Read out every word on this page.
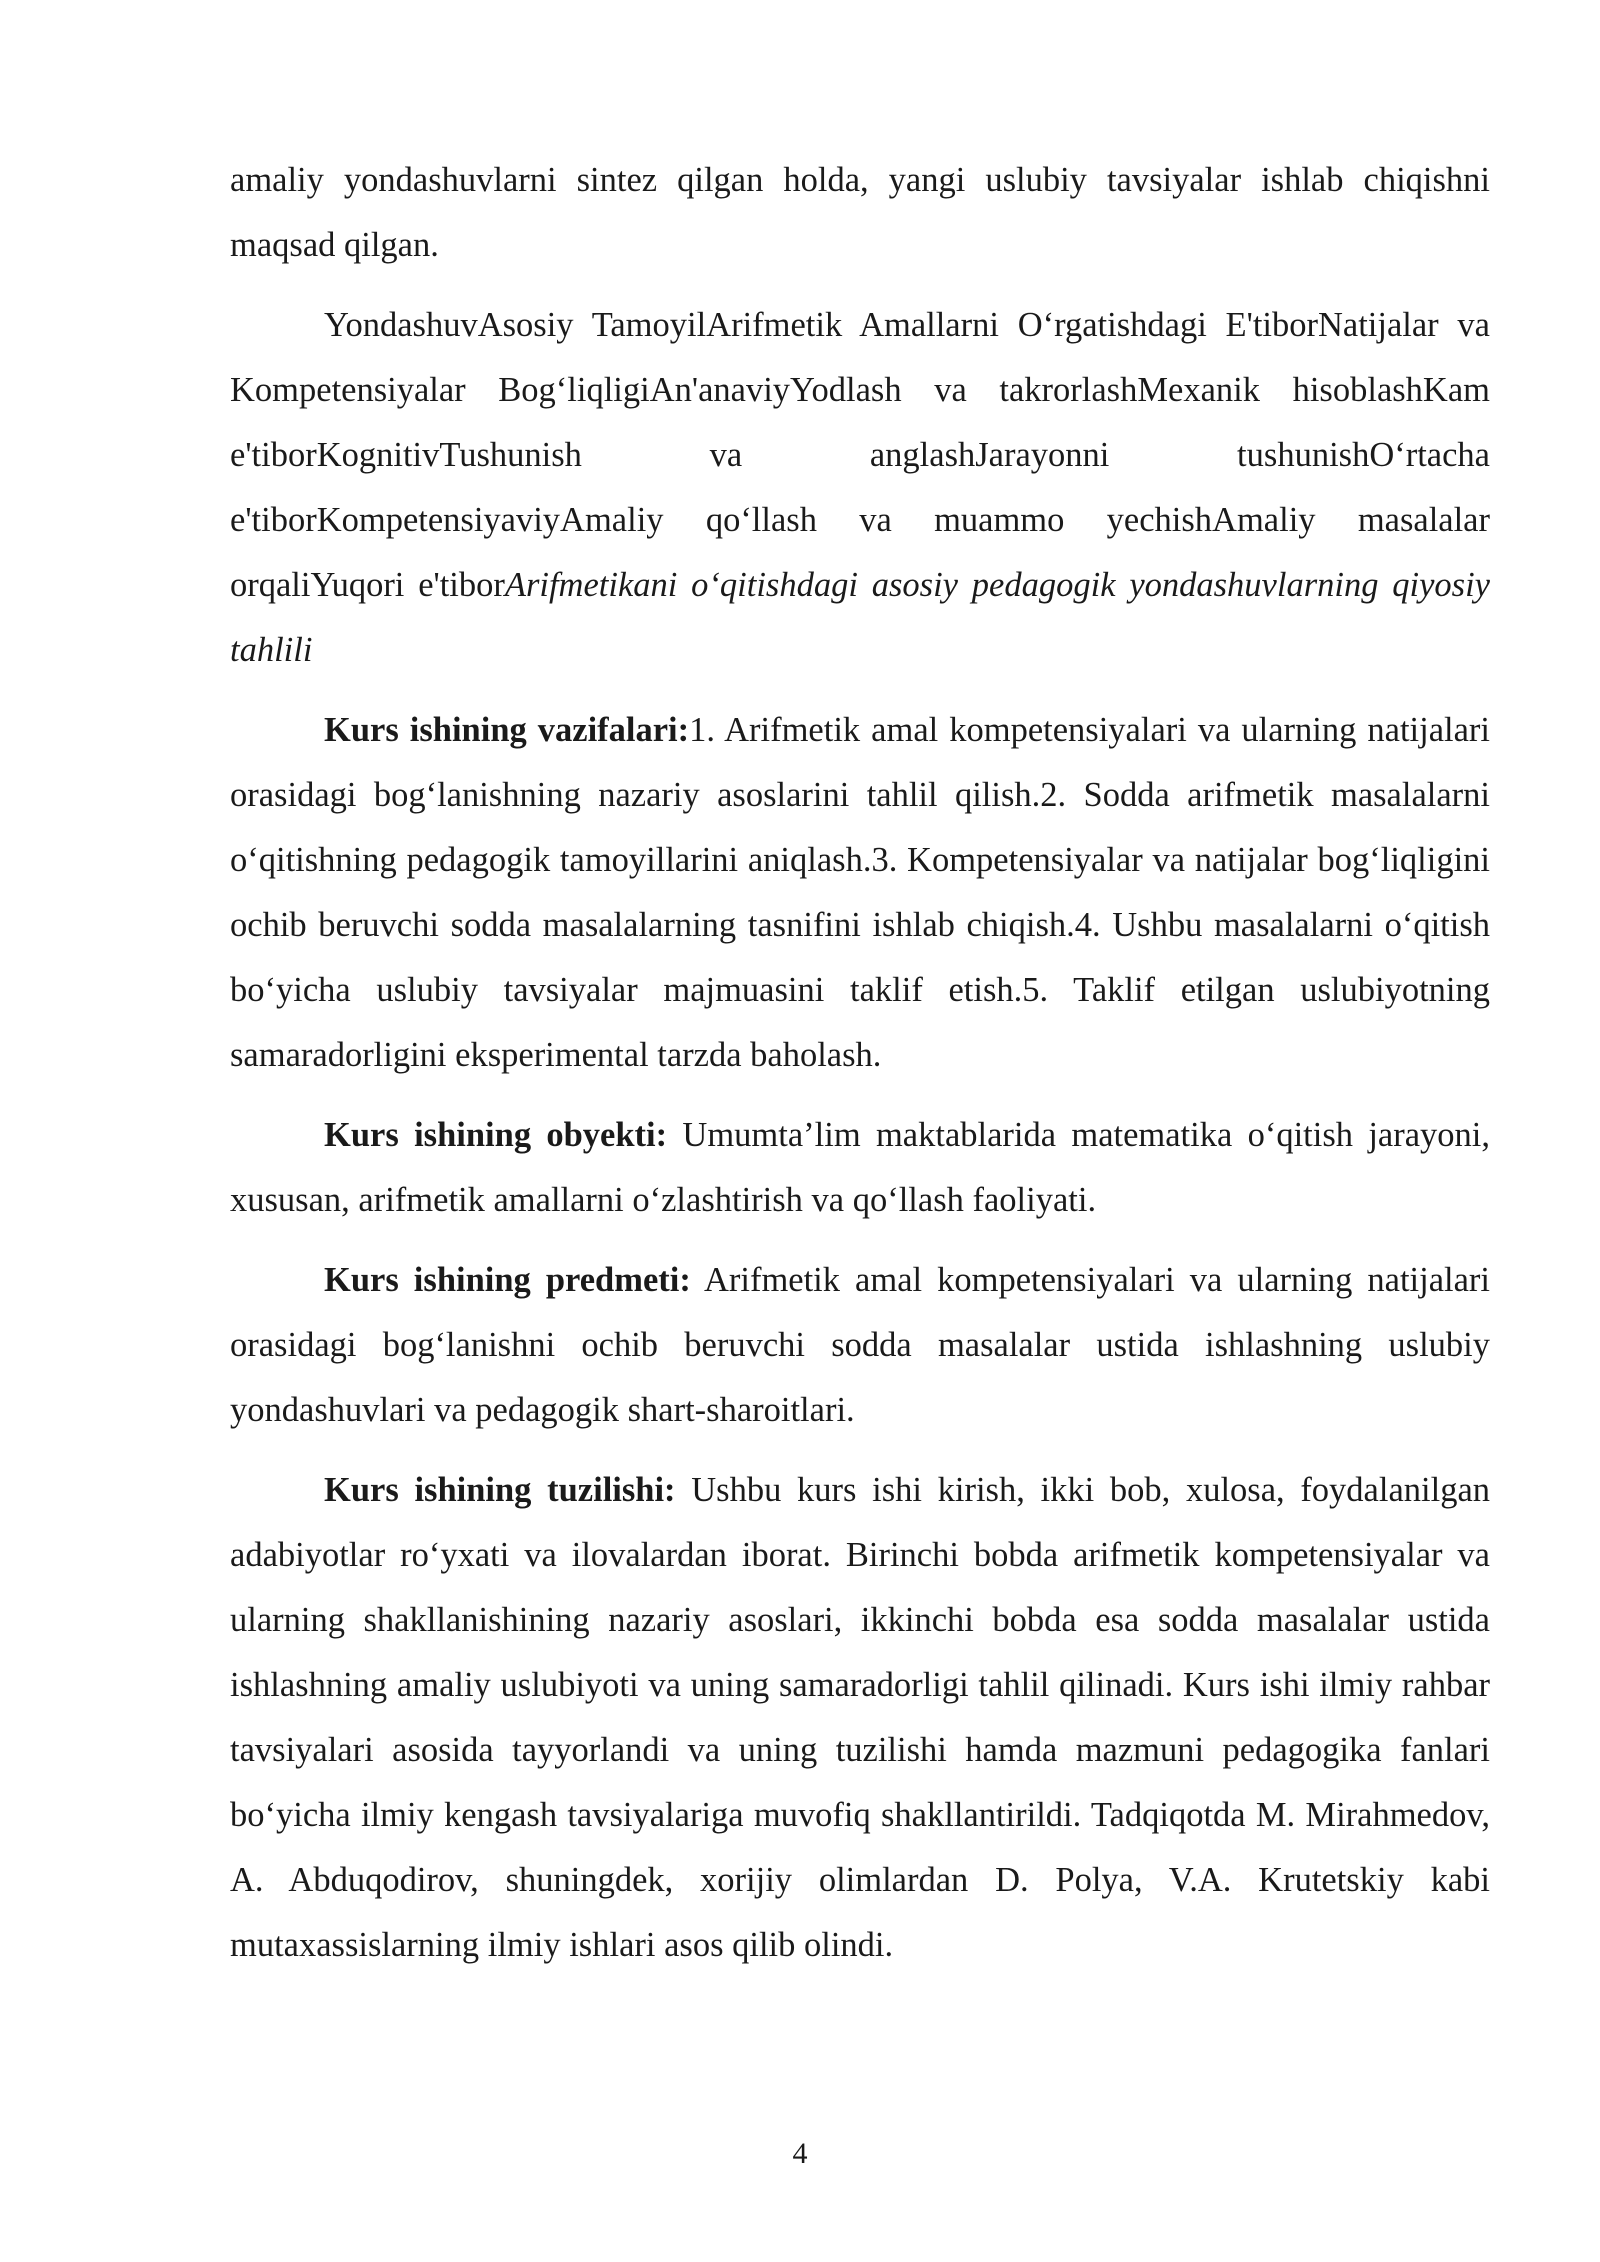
amaliy yondashuvlarni sintez qilgan holda, yangi uslubiy tavsiyalar ishlab chiqishni maqsad qilgan.

YondashuvAsosiy TamoyilArifmetik Amallarni O‘rgatishdagi E'tiborNatijalar va Kompetensiyalar Bog‘liqligiAn'anaviyYodlash va takrorlashMexanik hisoblashKam e'tiborKognitivTushunish va anglashJarayonni tushunishO‘rtacha e'tiborKompetensiyaviyAmaliy qo‘llash va muammo yechishAmaliy masalalar orqaliYuqori e'tiborArifmetikani o‘qitishdagi asosiy pedagogik yondashuvlarning qiyosiy tahlili

Kurs ishining vazifalari:1. Arifmetik amal kompetensiyalari va ularning natijalari orasidagi bog‘lanishning nazariy asoslarini tahlil qilish.2. Sodda arifmetik masalalarni o‘qitishning pedagogik tamoyillarini aniqlash.3. Kompetensiyalar va natijalar bog‘liqligini ochib beruvchi sodda masalalarning tasnifini ishlab chiqish.4. Ushbu masalalarni o‘qitish bo‘yicha uslubiy tavsiyalar majmuasini taklif etish.5. Taklif etilgan uslubiyotning samaradorligini eksperimental tarzda baholash.

Kurs ishining obyekti: Umumta’lim maktablarida matematika o‘qitish jarayoni, xususan, arifmetik amallarni o‘zlashtirish va qo‘llash faoliyati.

Kurs ishining predmeti: Arifmetik amal kompetensiyalari va ularning natijalari orasidagi bog‘lanishni ochib beruvchi sodda masalalar ustida ishlashning uslubiy yondashuvlari va pedagogik shart-sharoitlari.

Kurs ishining tuzilishi: Ushbu kurs ishi kirish, ikki bob, xulosa, foydalanilgan adabiyotlar ro‘yxati va ilovalardan iborat. Birinchi bobda arifmetik kompetensiyalar va ularning shakllanishining nazariy asoslari, ikkinchi bobda esa sodda masalalar ustida ishlashning amaliy uslubiyoti va uning samaradorligi tahlil qilinadi. Kurs ishi ilmiy rahbar tavsiyalari asosida tayyorlandi va uning tuzilishi hamda mazmuni pedagogika fanlari bo‘yicha ilmiy kengash tavsiyalariga muvofiq shakllantirildi. Tadqiqotda M. Mirahmedov, A. Abduqodirov, shuningdek, xorijiy olimlardan D. Polya, V.A. Krutetskiy kabi mutaxassislarning ilmiy ishlari asos qilib olindi.

4
